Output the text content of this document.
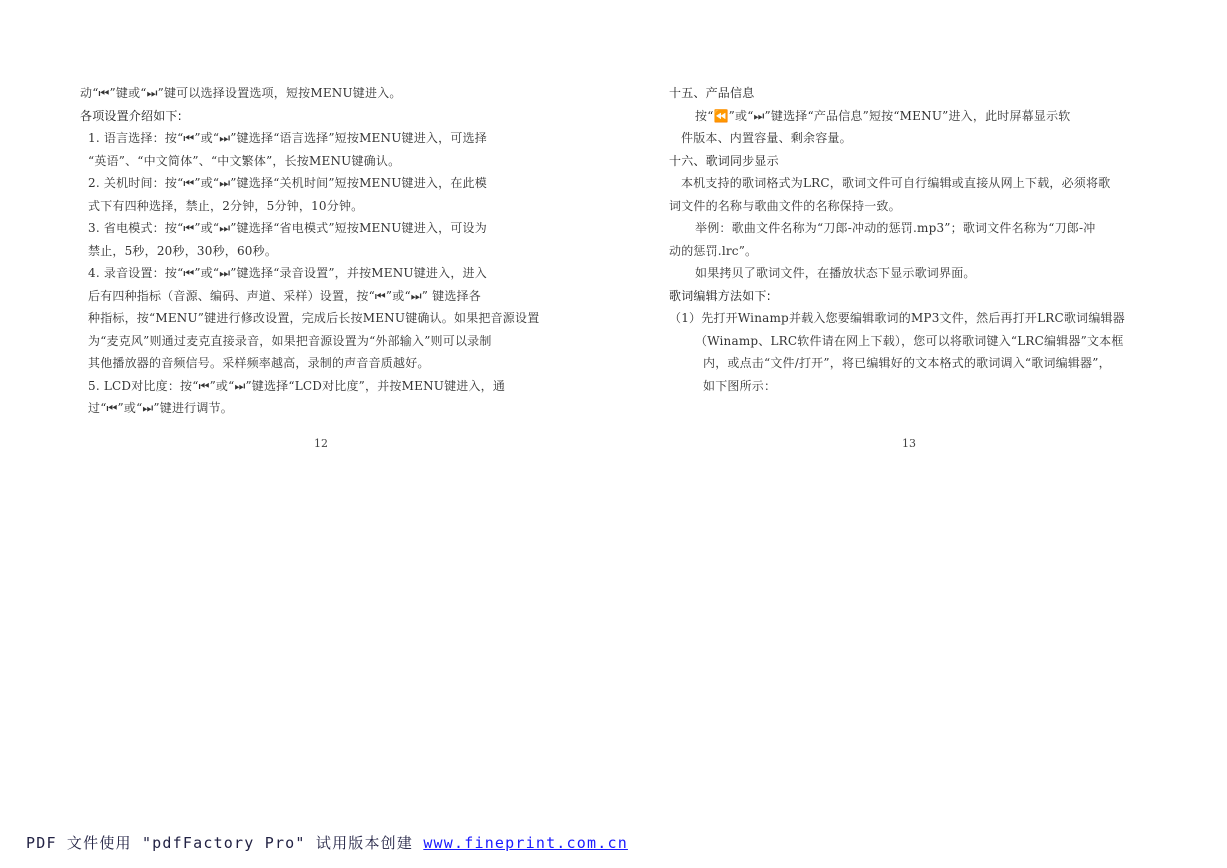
动“⏮”键或“⏭”键可以选择设置选项，短按MENU键进入。
各项设置介绍如下:
1. 语言选择：按“⏮”或“⏭”键选择“语言选择”短按MENU键进入，可选择
“英语”、“中文简体”、“中文繁体”，长按MENU键确认。
2. 关机时间：按“⏮”或“⏭”键选择“关机时间”短按MENU键进入，在此模
式下有四种选择，禁止，2分钟，5分钟，10分钟。
3. 省电模式：按“⏮”或“⏭”键选择“省电模式”短按MENU键进入，可设为
禁止，5秒，20秒，30秒，60秒。
4. 录音设置：按“⏮”或“⏭”键选择“录音设置”，并按MENU键进入，进入
后有四种指标（音源、编码、声道、采样）设置，按“⏮”或“⏭” 键选择各
种指标，按“MENU”键进行修改设置，完成后长按MENU键确认。如果把音源设置
为“麦克风”则通过麦克直接录音，如果把音源设置为“外部输入”则可以录制
其他播放器的音频信号。采样频率越高，录制的声音音质越好。
5. LCD对比度：按“⏮”或“⏭”键选择“LCD对比度”，并按MENU键进入，通
过“⏮”或“⏭”键进行调节。
十五、产品信息
按“⏪”或“⏭”键选择“产品信息”短按“MENU”进入，此时屏幕显示软
件版本、内置容量、剩余容量。
十六、歌词同步显示
本机支持的歌词格式为LRC，歌词文件可自行编辑或直接从网上下载，必须将歌
词文件的名称与歌曲文件的名称保持一致。
举例：歌曲文件名称为“刀郎-冲动的惩罚.mp3”；歌词文件名称为“刀郎-冲
动的惩罚.lrc”。
如果拷贝了歌词文件，在播放状态下显示歌词界面。
歌词编辑方法如下:
（1）先打开Winamp并载入您要编辑歌词的MP3文件，然后再打开LRC歌词编辑器
（Winamp、LRC软件请在网上下载），您可以将歌词键入“LRC编辑器”文本框
内，或点击“文件/打开”，将已编辑好的文本格式的歌词调入“歌词编辑器”，
如下图所示：
12	13
PDF 文件使用 "pdfFactory Pro" 试用版本创建 www.fineprint.com.cn
